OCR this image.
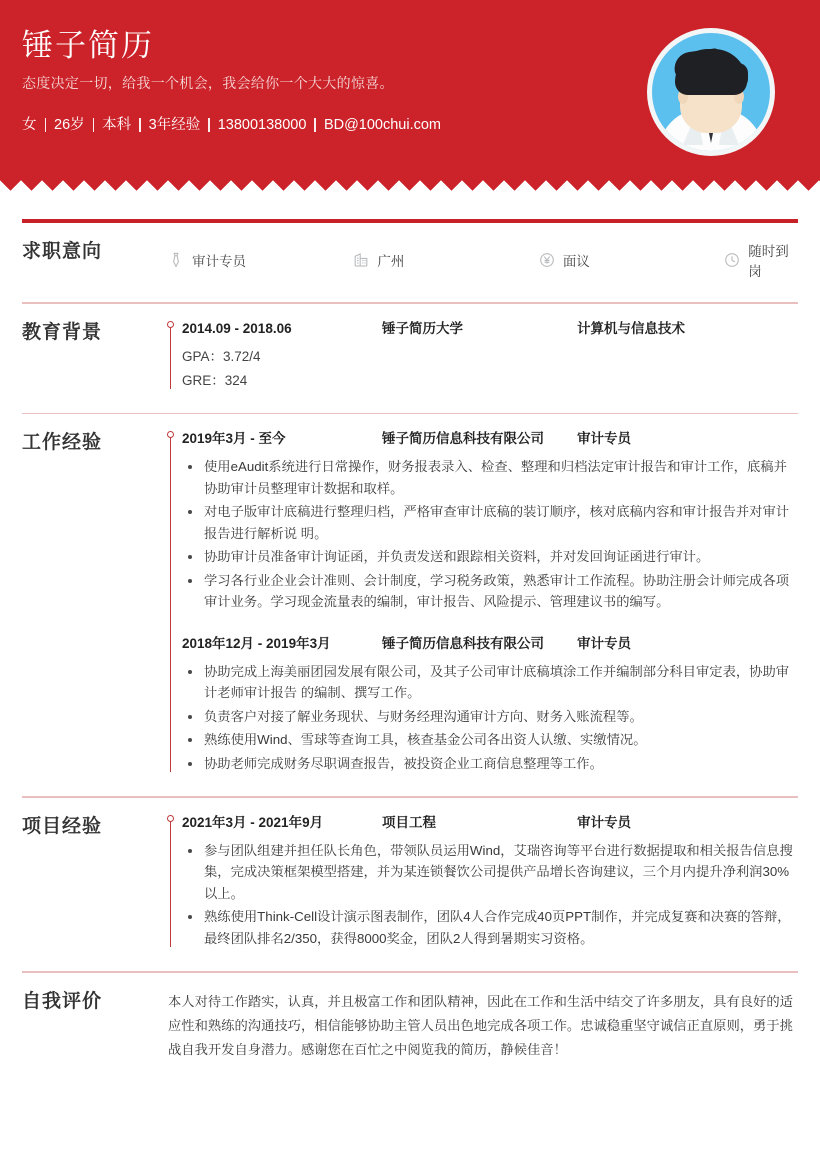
锤子简历
态度决定一切，给我一个机会，我会给你一个大大的惊喜。
女 26岁 本科 3年经验 13800138000 BD@100chui.com
求职意向	审计专员	广州	面议
随时到岗
教育背景	2014.09 - 2018.06	锤子简历大学	计算机与信息技术
GPA：3.72/4
GRE：324
工作经验	2019年3月 - 至今	锤子简历信息科技有限公司	审计专员
使用eAudit系统进行日常操作，财务报表录入、检查、整理和归档法定审计报告和审计工作，底稿并协助审计员整理审计数据和取样。
对电子版审计底稿进行整理归档，严格审查审计底稿的装订顺序，核对底稿内容和审计报告并对审计报告进行解析说 明。
协助审计员准备审计询证函，并负责发送和跟踪相关资料，并对发回询证函进行审计。
学习各行业企业会计准则、会计制度，学习税务政策，熟悉审计工作流程。协助注册会计师完成各项审计业务。学习现金流量表的编制，审计报告、风险提示、管理建议书的编写。
2018年12月 - 2019年3月	锤子简历信息科技有限公司	审计专员
协助完成上海美丽团园发展有限公司，及其子公司审计底稿填涂工作并编制部分科目审定表，协助审计老师审计报告 的编制、撰写工作。
负责客户对接了解业务现状、与财务经理沟通审计方向、财务入账流程等。
熟练使用Wind、雪球等查询工具，核查基金公司各出资人认缴、实缴情况。
协助老师完成财务尽职调查报告，被投资企业工商信息整理等工作。
项目经验	2021年3月 - 2021年9月	项目工程	审计专员
参与团队组建并担任队长角色，带领队员运用Wind，艾瑞咨询等平台进行数据提取和相关报告信息搜集，完成决策框架模型搭建，并为某连锁餐饮公司提供产品增长咨询建议，三个月内提升净利润30%以上。
熟练使用Think-Cell设计演示图表制作，团队4人合作完成40页PPT制作，并完成复赛和决赛的答辩，最终团队排名2/350，获得8000奖金，团队2人得到暑期实习资格。
自我评价	本人对待工作踏实，认真，并且极富工作和团队精神，因此在工作和生活中结交了许多朋友，具有良好的适应性和熟练的沟通技巧，相信能够协助主管人员出色地完成各项工作。忠诚稳重坚守诚信正直原则，勇于挑战自我开发自身潜力。感谢您在百忙之中阅览我的简历，静候佳音！
